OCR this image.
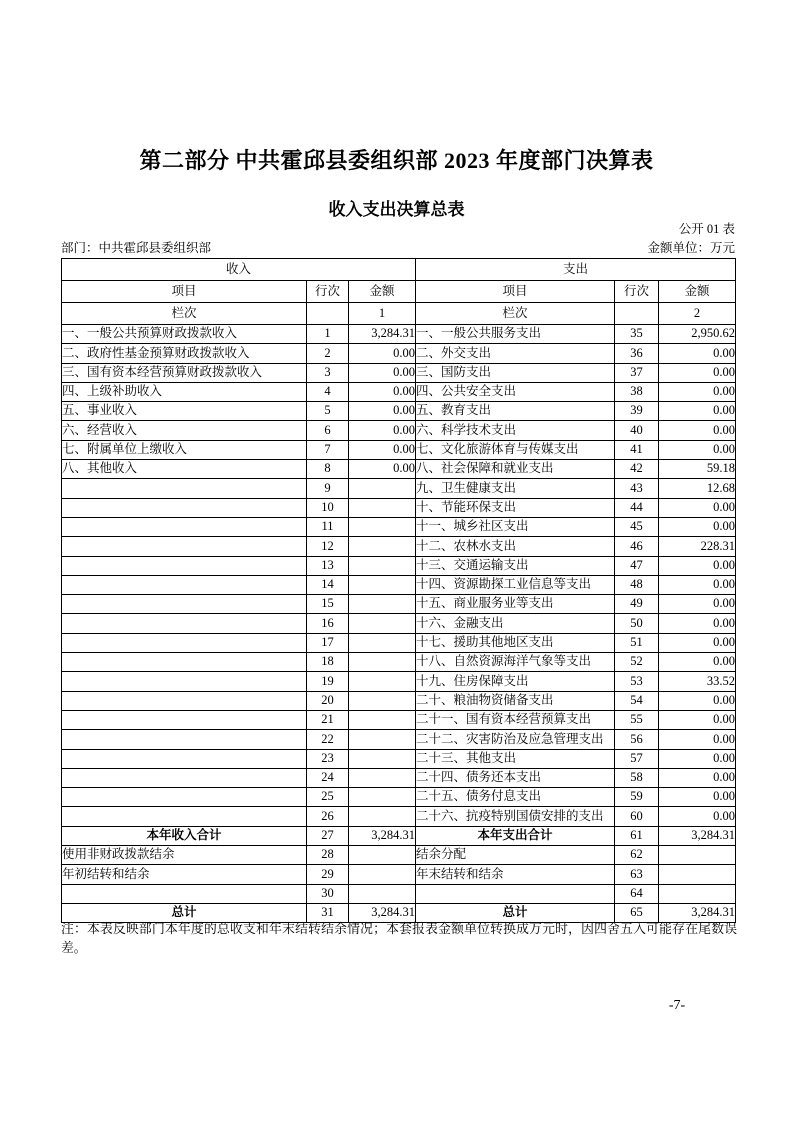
第二部分 中共霍邱县委组织部 2023 年度部门决算表
收入支出决算总表
公开 01 表
部门：中共霍邱县委组织部	金额单位：万元
收入			支出		
项目	行次	金额	项目	行次	金额
栏次		1	栏次		2
一、一般公共预算财政拨款收入	1	3,284.31	一、一般公共服务支出	35	2,950.62
二、政府性基金预算财政拨款收入	2	0.00	二、外交支出	36	0.00
三、国有资本经营预算财政拨款收入	3	0.00	三、国防支出	37	0.00
四、上级补助收入	4	0.00	四、公共安全支出	38	0.00
五、事业收入	5	0.00	五、教育支出	39	0.00
六、经营收入	6	0.00	六、科学技术支出	40	0.00
七、附属单位上缴收入	7	0.00	七、文化旅游体育与传媒支出	41	0.00
八、其他收入	8	0.00	八、社会保障和就业支出	42	59.18
	9		九、卫生健康支出	43	12.68
	10		十、节能环保支出	44	0.00
	11		十一、城乡社区支出	45	0.00
	12		十二、农林水支出	46	228.31
	13		十三、交通运输支出	47	0.00
	14		十四、资源勘探工业信息等支出	48	0.00
	15		十五、商业服务业等支出	49	0.00
	16		十六、金融支出	50	0.00
	17		十七、援助其他地区支出	51	0.00
	18		十八、自然资源海洋气象等支出	52	0.00
	19		十九、住房保障支出	53	33.52
	20		二十、粮油物资储备支出	54	0.00
	21		二十一、国有资本经营预算支出	55	0.00
	22		二十二、灾害防治及应急管理支出	56	0.00
	23		二十三、其他支出	57	0.00
	24		二十四、债务还本支出	58	0.00
	25		二十五、债务付息支出	59	0.00
	26		二十六、抗疫特别国债安排的支出	60	0.00
本年收入合计	27	3,284.31	本年支出合计	61	3,284.31
使用非财政拨款结余	28		结余分配	62	
年初结转和结余	29		年末结转和结余	63	
	30			64	
总计	31	3,284.31	总计	65	3,284.31
注：本表反映部门本年度的总收支和年末结转结余情况；本套报表金额单位转换成万元时，因四舍五入可能存在尾数误差。
-7-
